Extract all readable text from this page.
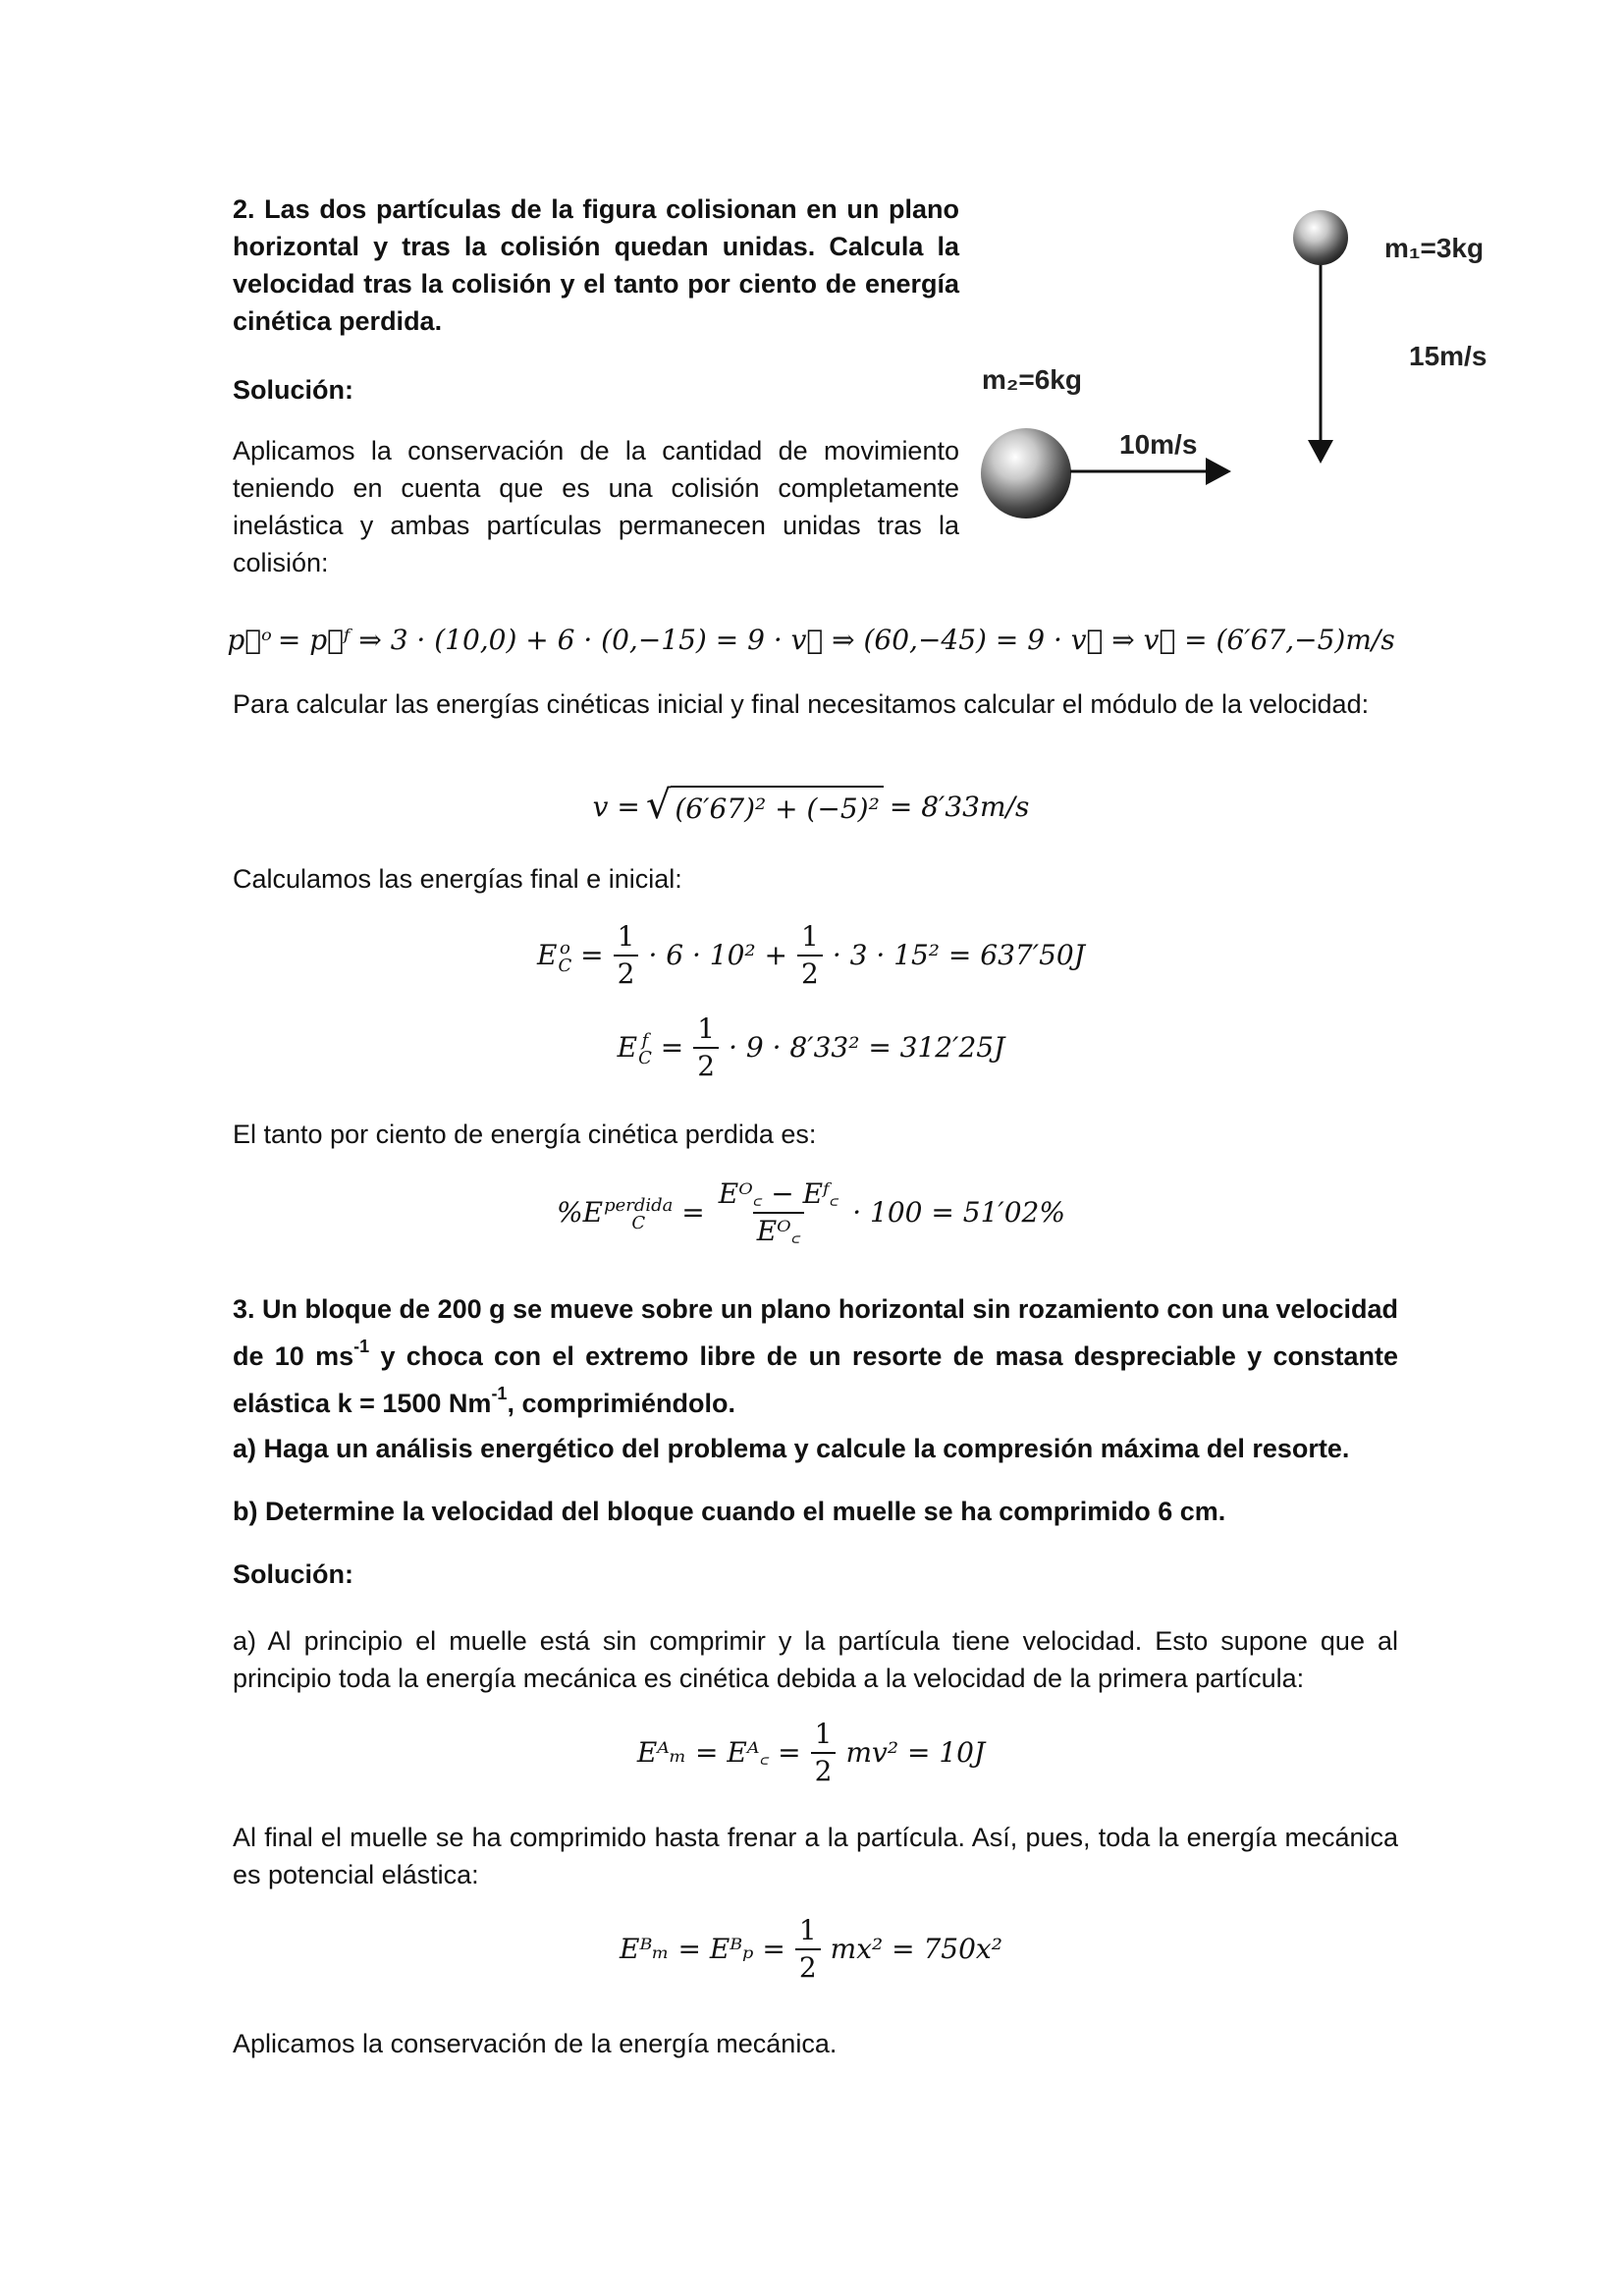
2. Las dos partículas de la figura colisionan en un plano horizontal y tras la colisión quedan unidas. Calcula la velocidad tras la colisión y el tanto por ciento de energía cinética perdida.
Solución:
Aplicamos la conservación de la cantidad de movimiento teniendo en cuenta que es una colisión completamente inelástica y ambas partículas permanecen unidas tras la colisión:
m₁=3kg
15m/s
m₂=6kg
10m/s
p⃗ᵒ = p⃗ᶠ ⇒ 3 · (10,0) + 6 · (0,−15) = 9 · v⃗ ⇒ (60,−45) = 9 · v⃗ ⇒ v⃗ = (6′67,−5)m/s
Para calcular las energías cinéticas inicial y final necesitamos calcular el módulo de la velocidad:
v = √ (6′67)² + (−5)² = 8′33m/s
Calculamos las energías final e inicial:
E o
$C = \frac{1}{2} \cdot 6 \cdot 10^2 + \frac{1}{2} \cdot 3 \cdot 15^2 = 637'50J$
E f
$C = \frac{1}{2} \cdot 9 \cdot 8'33^2 = 312'25J$
El tanto por ciento de energía cinética perdida es:
%E perdida
C	= $\frac{\text{Eᴼ꜀ − Eᶠ꜀}}{\text{Eᴼ꜀}} \cdot 100 = 51'02\%$
3. Un bloque de 200 g se mueve sobre un plano horizontal sin rozamiento con una velocidad de 10 $ms^{-1}$ y choca con el extremo libre de un resorte de masa despreciable y constante elástica k = 1500 $Nm^{-1}$, comprimiéndolo.
a) Haga un análisis energético del problema y calcule la compresión máxima del resorte.
b) Determine la velocidad del bloque cuando el muelle se ha comprimido 6 cm.
Solución:
a) Al principio el muelle está sin comprimir y la partícula tiene velocidad. Esto supone que al principio toda la energía mecánica es cinética debida a la velocidad de la primera partícula:
Eᴬₘ = Eᴬ꜀ = $\frac{1}{2} mv^2 = 10J$
Al final el muelle se ha comprimido hasta frenar a la partícula. Así, pues, toda la energía mecánica es potencial elástica:
Eᴮₘ = Eᴮₚ = $\frac{1}{2} mx^2 = 750x^2$
Aplicamos la conservación de la energía mecánica.
